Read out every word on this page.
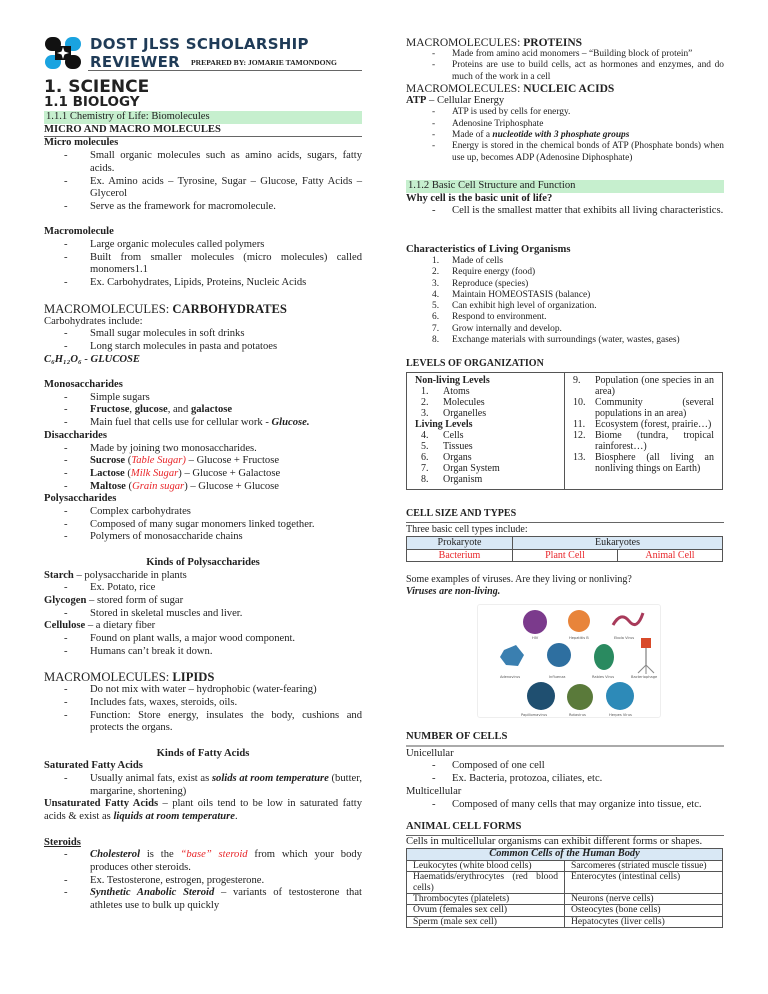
DOST JLSS SCHOLARSHIP
REVIEWER PREPARED BY: JOMARIE TAMONDONG
1. SCIENCE
1.1 BIOLOGY
1.1.1 Chemistry of Life: Biomolecules
MICRO AND MACRO MOLECULES
Micro molecules
-	Small organic molecules such as amino acids, sugars, fatty acids.
-	Ex. Amino acids – Tyrosine, Sugar – Glucose, Fatty Acids – Glycerol
-	Serve as the framework for macromolecule.
Macromolecule
-	Large organic molecules called polymers
-	Built from smaller molecules (micro molecules) called monomers1.1
-	Ex. Carbohydrates, Lipids, Proteins, Nucleic Acids
MACROMOLECULES: CARBOHYDRATES
Carbohydrates include:
-	Small sugar molecules in soft drinks
-	Long starch molecules in pasta and potatoes
C₆H₁₂O₆ - GLUCOSE
Monosaccharides
-	Simple sugars
-	Fructose, glucose, and galactose
-	Main fuel that cells use for cellular work - Glucose.
Disaccharides
-	Made by joining two monosaccharides.
-	Sucrose (Table Sugar) – Glucose + Fructose
-	Lactose (Milk Sugar) – Glucose + Galactose
-	Maltose (Grain sugar) – Glucose + Glucose
Polysaccharides
-	Complex carbohydrates
-	Composed of many sugar monomers linked together.
-	Polymers of monosaccharide chains
Kinds of Polysaccharides
Starch – polysaccharide in plants
-	Ex. Potato, rice
Glycogen – stored form of sugar
-	Stored in skeletal muscles and liver.
Cellulose – a dietary fiber
-	Found on plant walls, a major wood component.
-	Humans can’t break it down.
MACROMOLECULES: LIPIDS
-	Do not mix with water – hydrophobic (water-fearing)
-	Includes fats, waxes, steroids, oils.
-	Function: Store energy, insulates the body, cushions and protects the organs.
Kinds of Fatty Acids
Saturated Fatty Acids
-	Usually animal fats, exist as solids at room temperature (butter, margarine, shortening)
Unsaturated Fatty Acids – plant oils tend to be low in saturated fatty acids & exist as liquids at room temperature.
Steroids
-	Cholesterol is the “base” steroid from which your body produces other steroids.
-	Ex. Testosterone, estrogen, progesterone.
-	Synthetic Anabolic Steroid – variants of testosterone that athletes use to bulk up quickly
MACROMOLECULES: PROTEINS
-	Made from amino acid monomers – “Building block of protein”
-	Proteins are use to build cells, act as hormones and enzymes, and do much of the work in a cell
MACROMOLECULES: NUCLEIC ACIDS
ATP – Cellular Energy
-	ATP is used by cells for energy.
-	Adenosine Triphosphate
-	Made of a nucleotide with 3 phosphate groups
-	Energy is stored in the chemical bonds of ATP (Phosphate bonds) when use up, becomes ADP (Adenosine Diphosphate)
1.1.2 Basic Cell Structure and Function
Why cell is the basic unit of life?
-	Cell is the smallest matter that exhibits all living characteristics.
Characteristics of Living Organisms
1.	Made of cells
2.	Require energy (food)
3.	Reproduce (species)
4.	Maintain HOMEOSTASIS (balance)
5.	Can exhibit high level of organization.
6.	Respond to environment.
7.	Grow internally and develop.
8.	Exchange materials with surroundings (water, wastes, gases)
LEVELS OF ORGANIZATION
Non-living Levels
1.	Atoms
2.	Molecules
3.	Organelles
Living Levels
4.	Cells
5.	Tissues
6.	Organs
7.	Organ System
8.	Organism

9.	Population (one species in an area)
10. Community (several populations in an area)
11. Ecosystem (forest, prairie…)
12. Biome (tundra, tropical rainforest…)
13. Biosphere (all living an nonliving things on Earth)
CELL SIZE AND TYPES
Three basic cell types include:
Prokaryote	Eukaryotes	
Bacterium	Plant Cell	Animal Cell
Some examples of viruses. Are they living or nonliving?
Viruses are non-living.
HIV	Hepatitis B	Ebola Virus
Adenovirus	Influenza	Rabies Virus	Bacteriophage
Papillomavirus	Rotavirus	Herpes Virus
NUMBER OF CELLS
Unicellular
-	Composed of one cell
-	Ex. Bacteria, protozoa, ciliates, etc.
Multicellular
-	Composed of many cells that may organize into tissue, etc.
ANIMAL CELL FORMS
Cells in multicellular organisms can exhibit different forms or shapes.
Common Cells of the Human Body	
Leukocytes (white blood cells)	Sarcomeres (striated muscle tissue)
Haematids/erythrocytes (red blood cells)	Enterocytes (intestinal cells)
Thrombocytes (platelets)	Neurons (nerve cells)
Ovum (females sex cell)	Osteocytes (bone cells)
Sperm (male sex cell)	Hepatocytes (liver cells)
